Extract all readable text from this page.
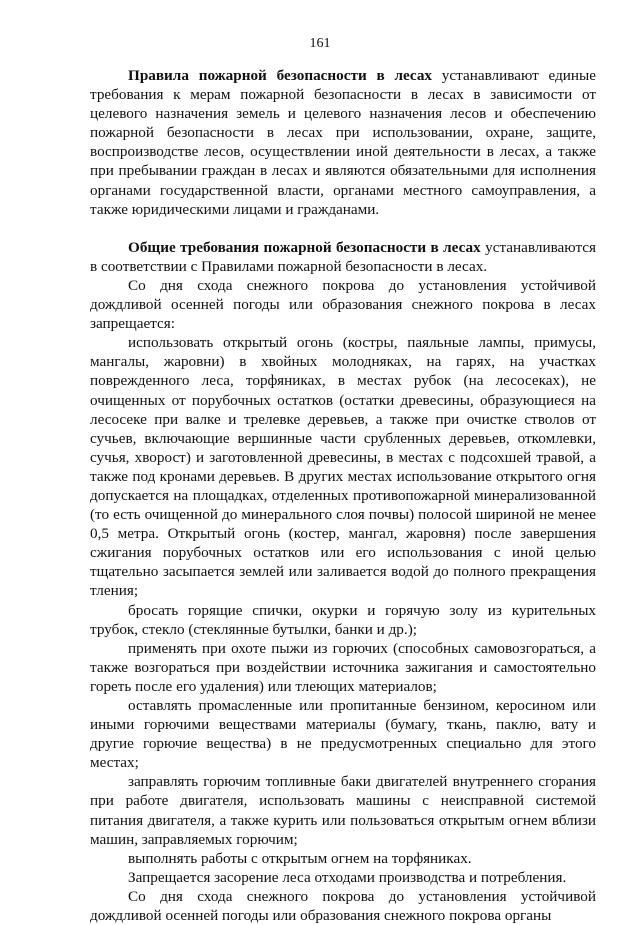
161

Правила пожарной безопасности в лесах устанавливают единые требования к мерам пожарной безопасности в лесах в зависимости от целевого назначения земель и целевого назначения лесов и обеспечению пожарной безопасности в лесах при использовании, охране, защите, воспроизводстве лесов, осуществлении иной деятельности в лесах, а также при пребывании граждан в лесах и являются обязательными для исполнения органами государственной власти, органами местного самоуправления, а также юридическими лицами и гражданами.

Общие требования пожарной безопасности в лесах устанавливаются в соответствии с Правилами пожарной безопасности в лесах.

Со дня схода снежного покрова до установления устойчивой дождливой осенней погоды или образования снежного покрова в лесах запрещается:

использовать открытый огонь (костры, паяльные лампы, примусы, мангалы, жаровни) в хвойных молодняках, на гарях, на участках поврежденного леса, торфяниках, в местах рубок (на лесосеках), не очищенных от порубочных остатков (остатки древесины, образующиеся на лесосеке при валке и трелевке деревьев, а также при очистке стволов от сучьев, включающие вершинные части срубленных деревьев, откомлевки, сучья, хворост) и заготовленной древесины, в местах с подсохшей травой, а также под кронами деревьев. В других местах использование открытого огня допускается на площадках, отделенных противопожарной минерализованной (то есть очищенной до минерального слоя почвы) полосой шириной не менее 0,5 метра. Открытый огонь (костер, мангал, жаровня) после завершения сжигания порубочных остатков или его использования с иной целью тщательно засыпается землей или заливается водой до полного прекращения тления;

бросать горящие спички, окурки и горячую золу из курительных трубок, стекло (стеклянные бутылки, банки и др.);

применять при охоте пыжи из горючих (способных самовозгораться, а также возгораться при воздействии источника зажигания и самостоятельно гореть после его удаления) или тлеющих материалов;

оставлять промасленные или пропитанные бензином, керосином или иными горючими веществами материалы (бумагу, ткань, паклю, вату и другие горючие вещества) в не предусмотренных специально для этого местах;

заправлять горючим топливные баки двигателей внутреннего сгорания при работе двигателя, использовать машины с неисправной системой питания двигателя, а также курить или пользоваться открытым огнем вблизи машин, заправляемых горючим;

выполнять работы с открытым огнем на торфяниках.

Запрещается засорение леса отходами производства и потребления.

Со дня схода снежного покрова до установления устойчивой дождливой осенней погоды или образования снежного покрова органы
